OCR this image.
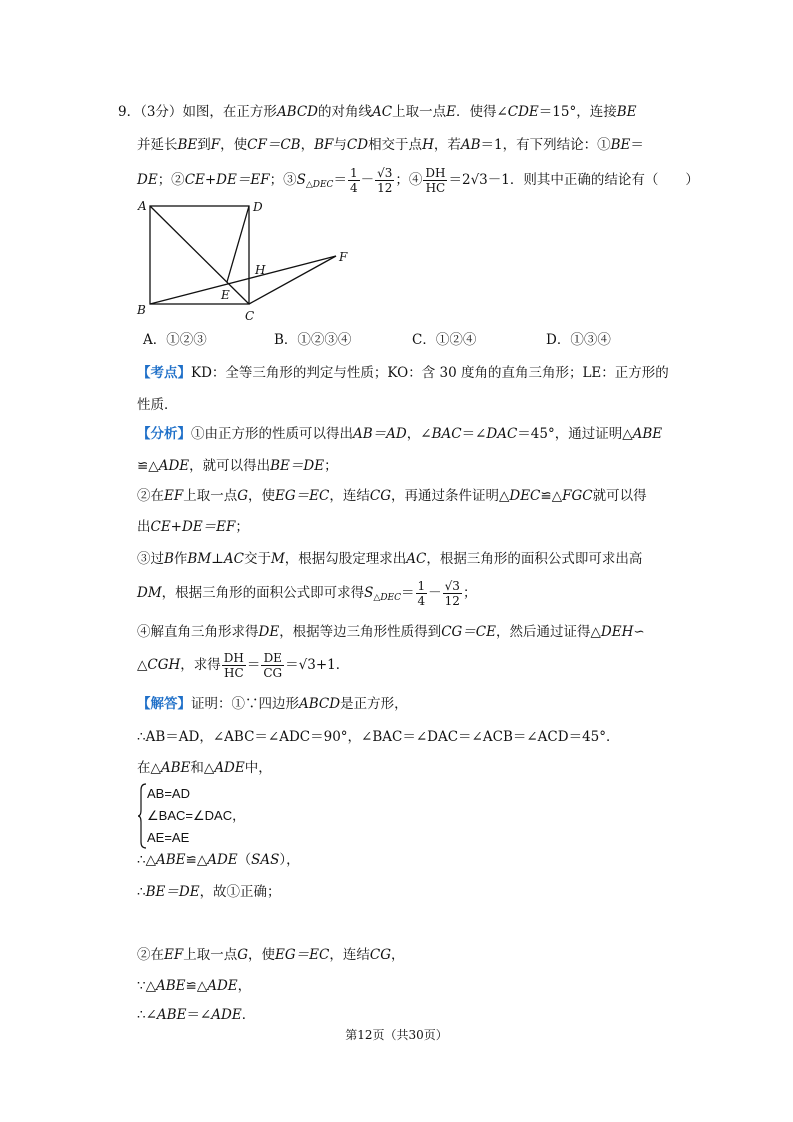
9．（3分）如图，在正方形ABCD的对角线AC上取一点E．使得∠CDE＝15°，连接BE
并延长BE到F，使CF＝CB，BF与CD相交于点H，若AB＝1，有下列结论：①BE＝
DE；②CE+DE＝EF；$③S_{\triangle DEC}= \frac{1}{4} - \frac{√3}{12}$ ；④ $\frac{DH}{HC} =2√3-1$．则其中正确的结论有（　　）
A	D
B	C
E
H
F
A．①②③	B．①②③④	C．①②④	D．①③④
【考点】KD：全等三角形的判定与性质；KO：含 30 度角的直角三角形；LE：正方形的
性质．
【分析】①由正方形的性质可以得出AB＝AD，∠BAC＝∠DAC＝45°，通过证明△ABE
≌△ADE，就可以得出BE＝DE；
②在EF上取一点G，使EG＝EC，连结CG，再通过条件证明△DEC≌△FGC就可以得
出CE+DE＝EF；
③过B作BM⊥AC交于M，根据勾股定理求出AC，根据三角形的面积公式即可求出高
DM，根据三角形的面积公式即可求得$S_{\triangle DEC}= \frac{1}{4} - \frac{√3}{12}$ ；
④解直角三角形求得DE，根据等边三角形性质得到CG＝CE，然后通过证得△DEH∽
△CGH，求得 $\frac{DH}{HC} = \frac{DE}{CG} =√3+1$．
【解答】证明：①∵四边形ABCD是正方形，
∴AB＝AD，∠ABC＝∠ADC＝90°，∠BAC＝∠DAC＝∠ACB＝∠ACD＝45°．
在△ABE和△ADE中，
AB=AD
∠BAC=∠DAC，
AE=AE
∴△ABE≌△ADE（SAS），
∴BE＝DE，故①正确；
②在EF上取一点G，使EG＝EC，连结CG，
∵△ABE≌△ADE，
∴∠ABE＝∠ADE．
第12页（共30页）
